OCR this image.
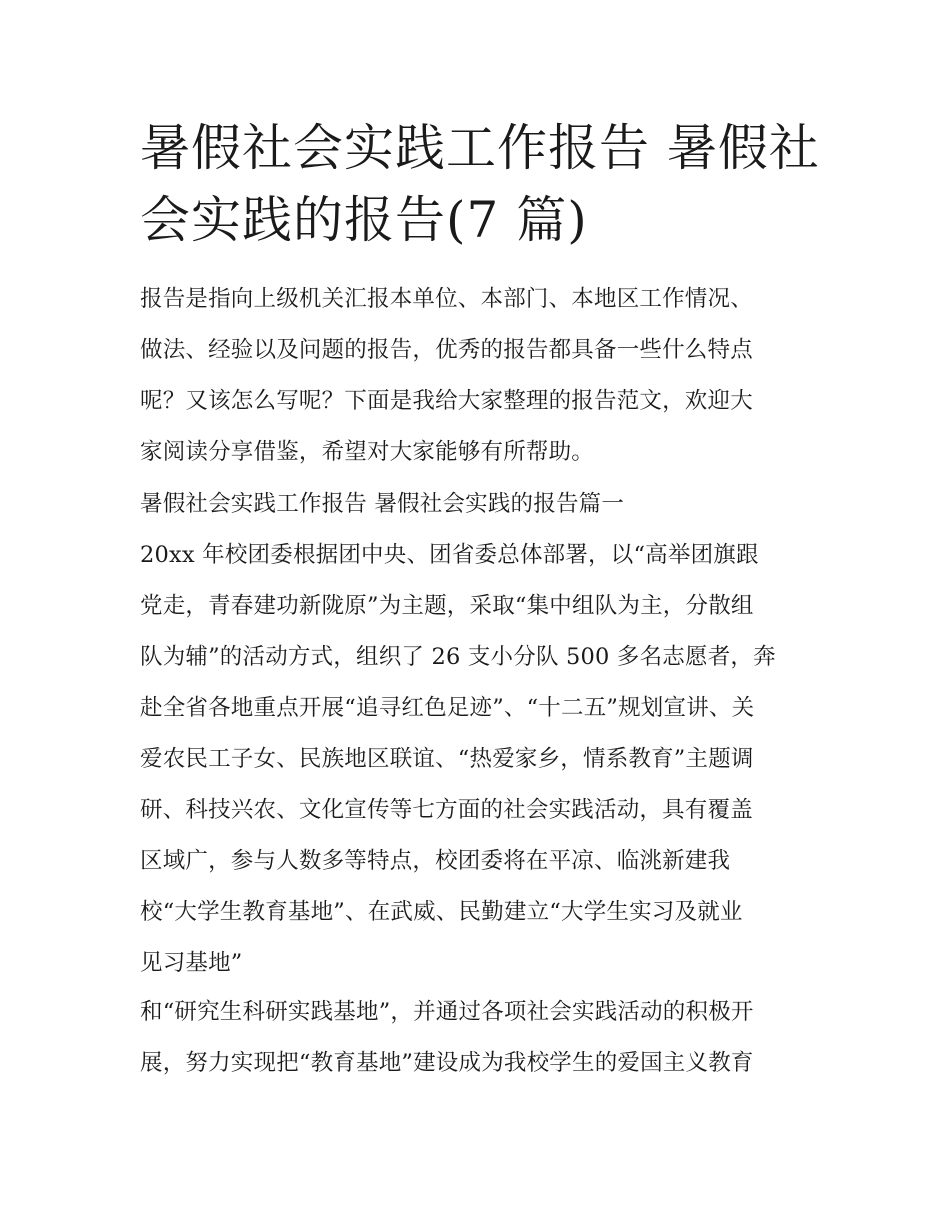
暑假社会实践工作报告 暑假社
会实践的报告(7 篇)

报告是指向上级机关汇报本单位、本部门、本地区工作情况、
做法、经验以及问题的报告，优秀的报告都具备一些什么特点
呢？又该怎么写呢？下面是我给大家整理的报告范文，欢迎大
家阅读分享借鉴，希望对大家能够有所帮助。

暑假社会实践工作报告 暑假社会实践的报告篇一

20xx 年校团委根据团中央、团省委总体部署，以“高举团旗跟
党走，青春建功新陇原”为主题，采取“集中组队为主，分散组
队为辅”的活动方式，组织了 26 支小分队 500 多名志愿者，奔
赴全省各地重点开展“追寻红色足迹”、“十二五”规划宣讲、关
爱农民工子女、民族地区联谊、“热爱家乡，情系教育”主题调
研、科技兴农、文化宣传等七方面的社会实践活动，具有覆盖
区域广，参与人数多等特点，校团委将在平凉、临洮新建我
校“大学生教育基地”、在武威、民勤建立“大学生实习及就业
见习基地”

和“研究生科研实践基地”，并通过各项社会实践活动的积极开
展，努力实现把“教育基地”建设成为我校学生的爱国主义教育
